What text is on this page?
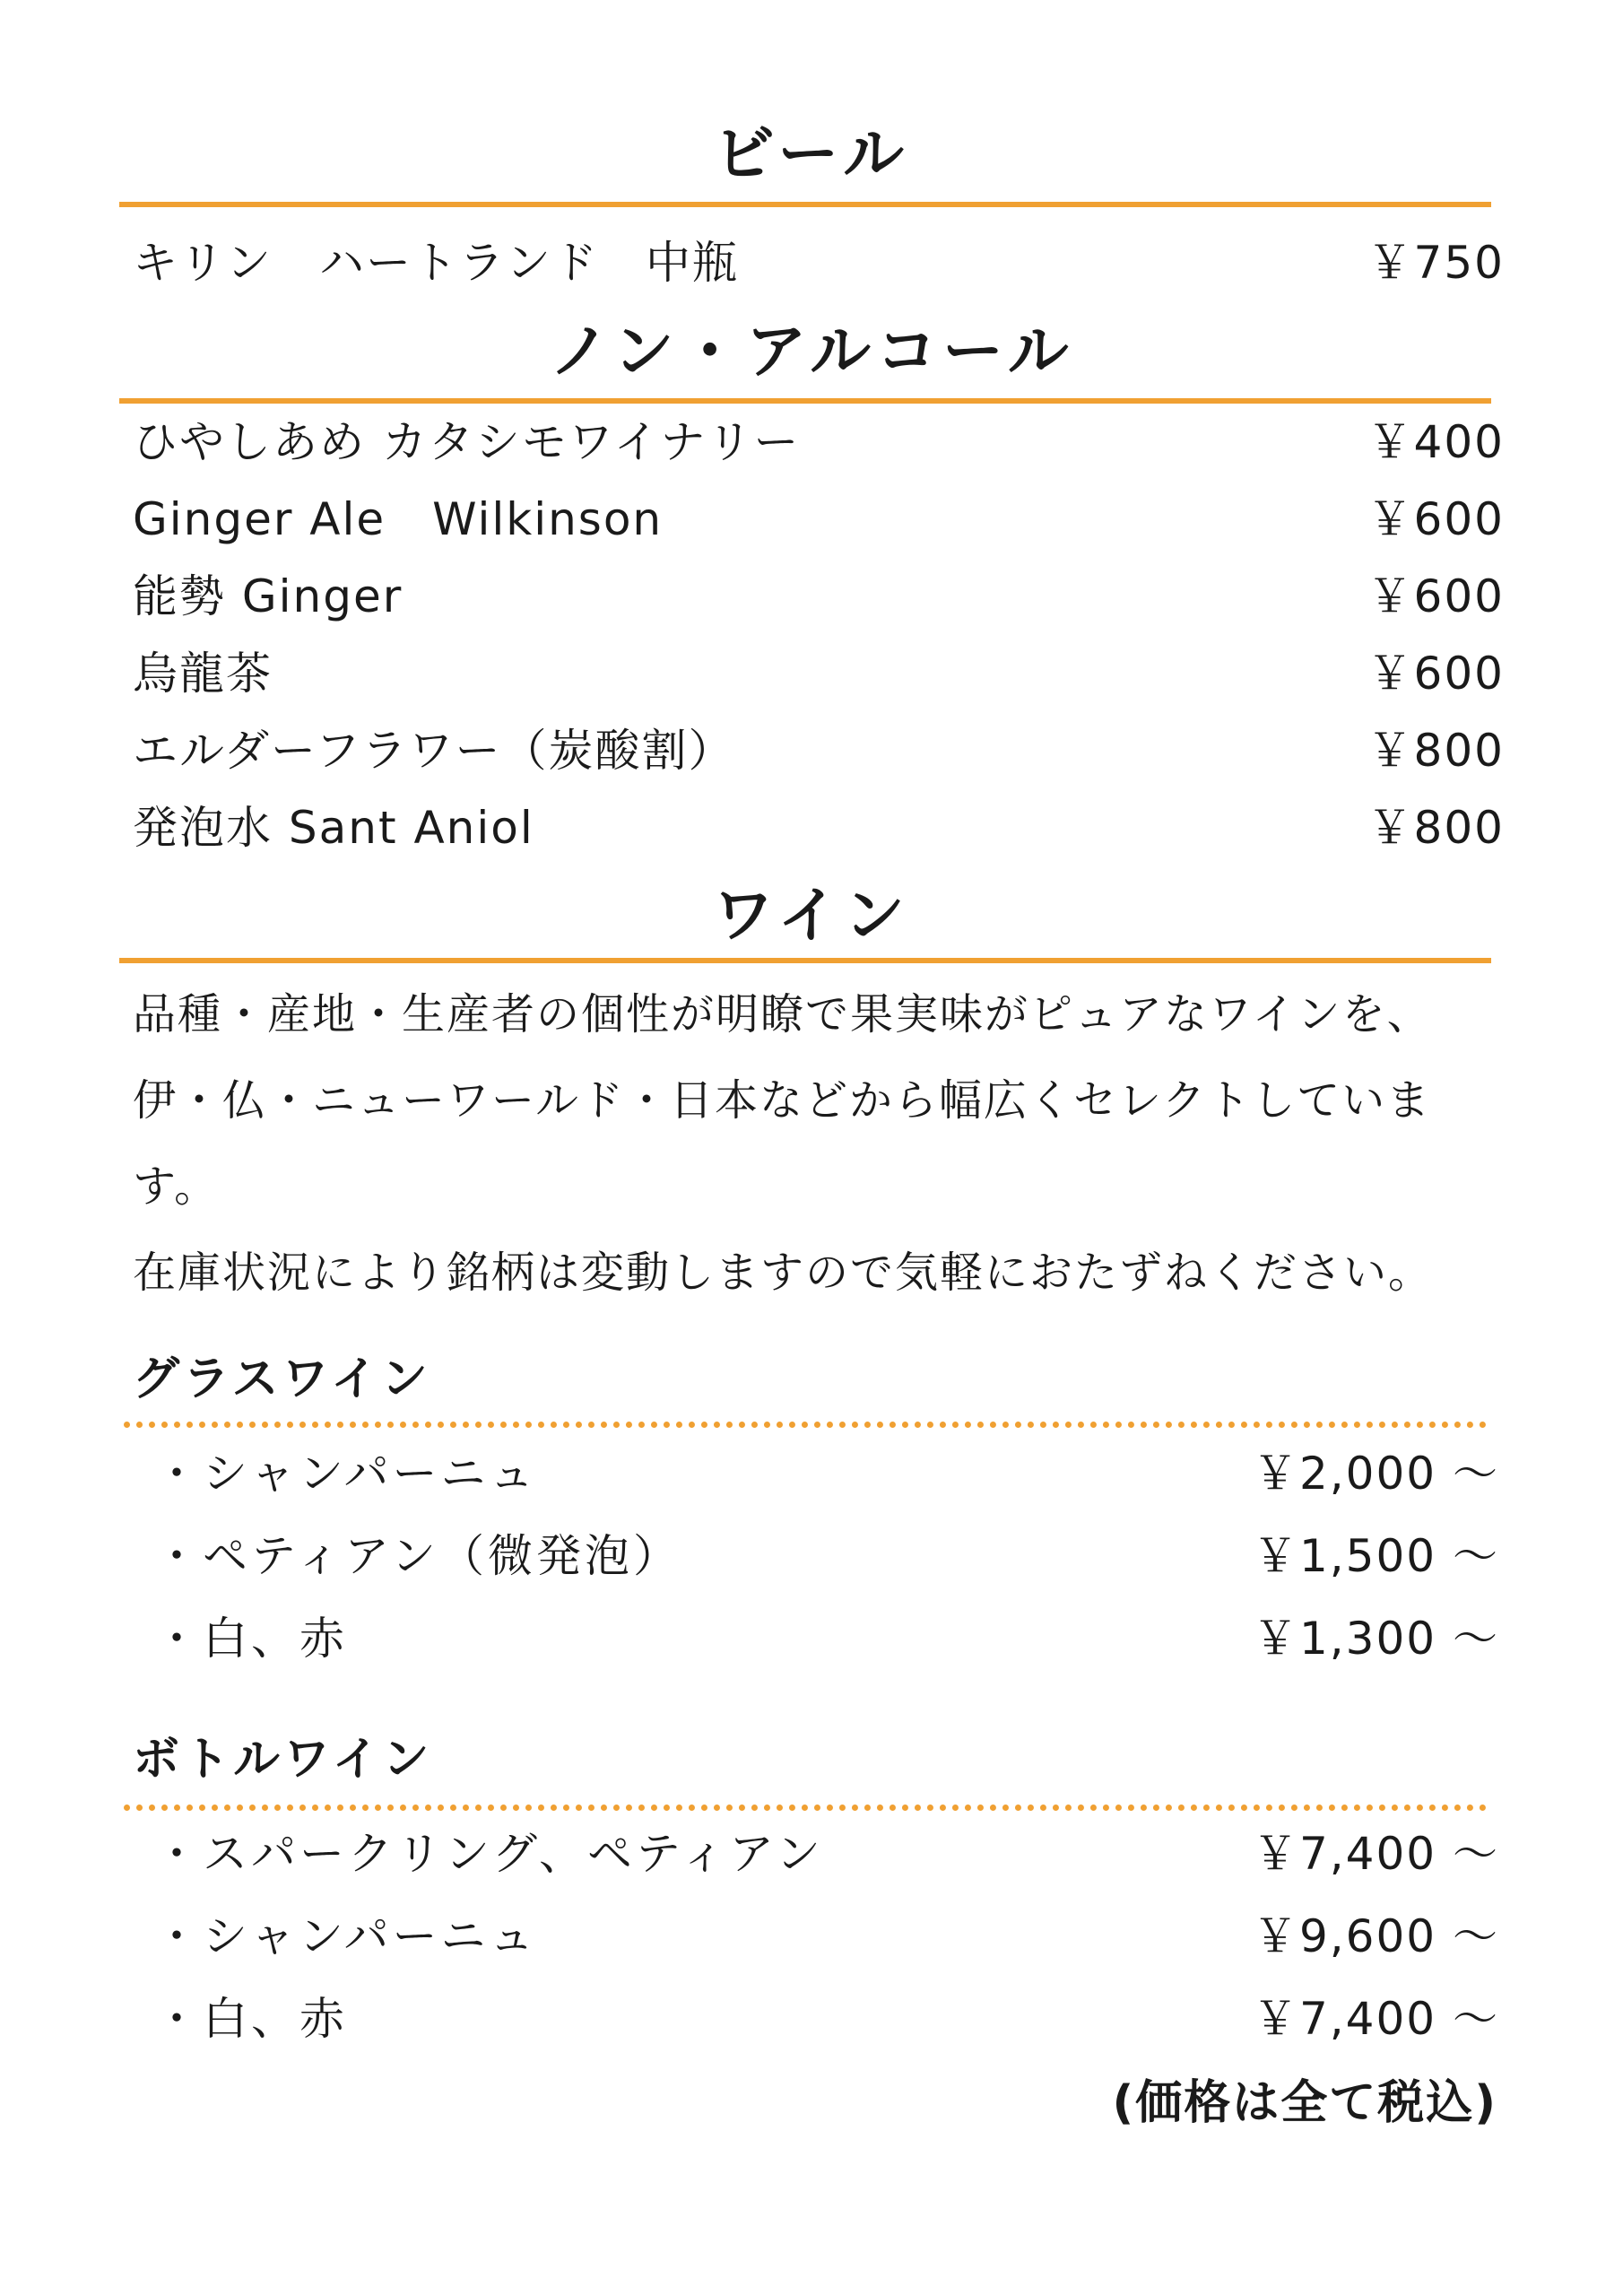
ビール
キリン　ハートランド　中瓶	￥750
ノン・アルコール
ひやしあめ カタシモワイナリー	￥400
Ginger Ale　Wilkinson	￥600
能勢 Ginger	￥600
烏龍茶	￥600
エルダーフラワー（炭酸割）	￥800
発泡水 Sant Aniol	￥800
ワイン
品種・産地・生産者の個性が明瞭で果実味がピュアなワインを、
伊・仏・ニューワールド・日本などから幅広くセレクトしていま
す。
在庫状況により銘柄は変動しますので気軽におたずねください。
グラスワイン
・シャンパーニュ	￥2,000 ～
・ペティアン（微発泡）	￥1,500 ～
・白、赤	￥1,300 ～
ボトルワイン
・スパークリング、ペティアン	￥7,400 ～
・シャンパーニュ	￥9,600 ～
・白、赤	￥7,400 ～
(価格は全て税込)
